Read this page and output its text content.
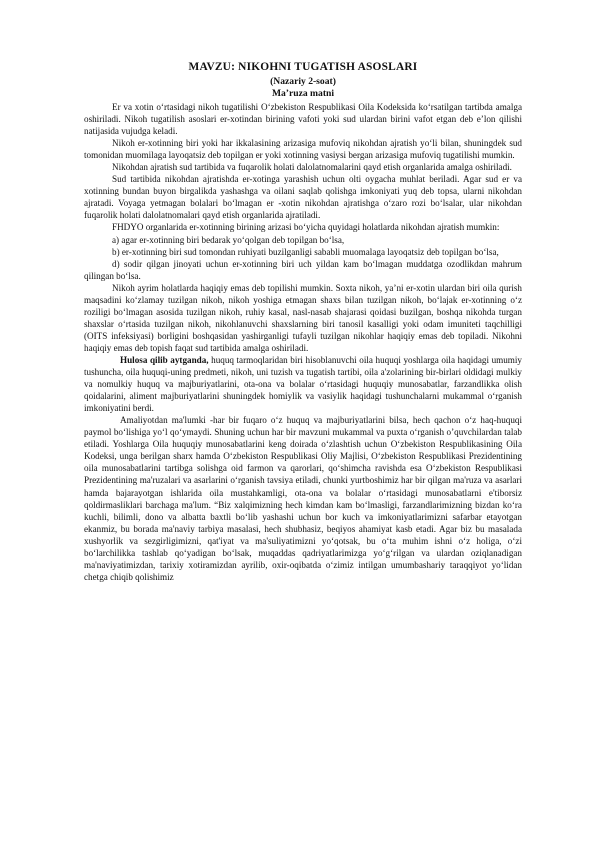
MAVZU: NIKOHNI TUGATISH ASOSLARI
(Nazariy 2-soat)
Ma’ruza matni

Er va xotin o‘rtasidagi nikoh tugatilishi O‘zbekiston Respublikasi Oila Kodeksida ko‘rsatilgan tartibda amalga oshiriladi. Nikoh tugatilish asoslari er-xotindan birining vafoti yoki sud ulardan birini vafot etgan deb e’lon qilishi natijasida vujudga keladi.

Nikoh er-xotinning biri yoki har ikkalasining arizasiga mufoviq nikohdan ajratish yo‘li bilan, shuningdek sud tomonidan muomilaga layoqatsiz deb topilgan er yoki xotinning vasiysi bergan arizasiga mufoviq tugatilishi mumkin.

Nikohdan ajratish sud tartibida va fuqarolik holati dalolatnomalarini qayd etish organlarida amalga oshiriladi.

Sud tartibida nikohdan ajratishda er-xotinga yarashish uchun olti oygacha muhlat beriladi. Agar sud er va xotinning bundan buyon birgalikda yashashga va oilani saqlab qolishga imkoniyati yuq deb topsa, ularni nikohdan ajratadi. Voyaga yetmagan bolalari bo‘lmagan er -xotin nikohdan ajratishga o‘zaro rozi bo‘lsalar, ular nikohdan fuqarolik holati dalolatnomalari qayd etish organlarida ajratiladi.

FHDYO organlarida er-xotinning birining arizasi bo‘yicha quyidagi holatlarda nikohdan ajratish mumkin:

a) agar er-xotinning biri bedarak yo‘qolgan deb topilgan bo‘lsa,

b) er-xotinning biri sud tomondan ruhiyati buzilganligi sababli muomalaga layoqatsiz deb topilgan bo‘lsa,

d) sodir qilgan jinoyati uchun er-xotinning biri uch yildan kam bo‘lmagan muddatga ozodlikdan mahrum qilingan bo‘lsa.

Nikoh ayrim holatlarda haqiqiy emas deb topilishi mumkin. Soxta nikoh, ya’ni er-xotin ulardan biri oila qurish maqsadini ko‘zlamay tuzilgan nikoh, nikoh yoshiga etmagan shaxs bilan tuzilgan nikoh, bo‘lajak er-xotinning o‘z roziligi bo‘lmagan asosida tuzilgan nikoh, ruhiy kasal, nasl-nasab shajarasi qoidasi buzilgan, boshqa nikohda turgan shaxslar o‘rtasida tuzilgan nikoh, nikohlanuvchi shaxslarning biri tanosil kasalligi yoki odam imuniteti taqchilligi (OITS infeksiyasi) borligini boshqasidan yashirganligi tufayli tuzilgan nikohlar haqiqiy emas deb topiladi. Nikohni haqiqiy emas deb topish faqat sud tartibida amalga oshiriladi.

Hulosa qilib aytganda, huquq tarmoqlaridan biri hisoblanuvchi oila huquqi yoshlarga oila haqidagi umumiy tushuncha, oila huquqi-uning predmeti, nikoh, uni tuzish va tugatish tartibi, oila a'zolarining bir-birlari oldidagi mulkiy va nomulkiy huquq va majburiyatlarini, ota-ona va bolalar o‘rtasidagi huquqiy munosabatlar, farzandlikka olish qoidalarini, aliment majburiyatlarini shuningdek homiylik va vasiylik haqidagi tushunchalarni mukammal o‘rganish imkoniyatini berdi.

Amaliyotdan ma'lumki -har bir fuqaro o‘z huquq va majburiyatlarini bilsa, hech qachon o‘z haq-huquqi paymol bo‘lishiga yo‘l qo‘ymaydi. Shuning uchun har bir mavzuni mukammal va puxta o‘rganish o’quvchilardan talab etiladi. Yoshlarga Oila huquqiy munosabatlarini keng doirada o‘zlashtish uchun O‘zbekiston Respublikasining Oila Kodeksi, unga berilgan sharx hamda O‘zbekiston Respublikasi Oliy Majlisi, O‘zbekiston Respublikasi Prezidentining oila munosabatlarini tartibga solishga oid farmon va qarorlari, qo‘shimcha ravishda esa O‘zbekiston Respublikasi Prezidentining ma'ruzalari va asarlarini o‘rganish tavsiya etiladi, chunki yurtboshimiz har bir qilgan ma'ruza va asarlari hamda bajarayotgan ishlarida oila mustahkamligi, ota-ona va bolalar o‘rtasidagi munosabatlarni e'tiborsiz qoldirmasliklari barchaga ma'lum. “Biz xalqimizning hech kimdan kam bo‘lmasligi, farzandlarimizning bizdan ko‘ra kuchli, bilimli, dono va albatta baxtli bo‘lib yashashi uchun bor kuch va imkoniyatlarimizni safarbar etayotgan ekanmiz, bu borada ma'naviy tarbiya masalasi, hech shubhasiz, beqiyos ahamiyat kasb etadi. Agar biz bu masalada xushyorlik va sezgirligimizni, qat'iyat va ma'suliyatimizni yo‘qotsak, bu o‘ta muhim ishni o‘z holiga, o‘zi bo‘larchilikka tashlab qo‘yadigan bo‘lsak, muqaddas qadriyatlarimizga yo‘g‘rilgan va ulardan oziqlanadigan ma'naviyatimizdan, tarixiy xotiramizdan ayrilib, oxir-oqibatda o‘zimiz intilgan umumbashariy taraqqiyot yo‘lidan chetga chiqib qolishimiz
